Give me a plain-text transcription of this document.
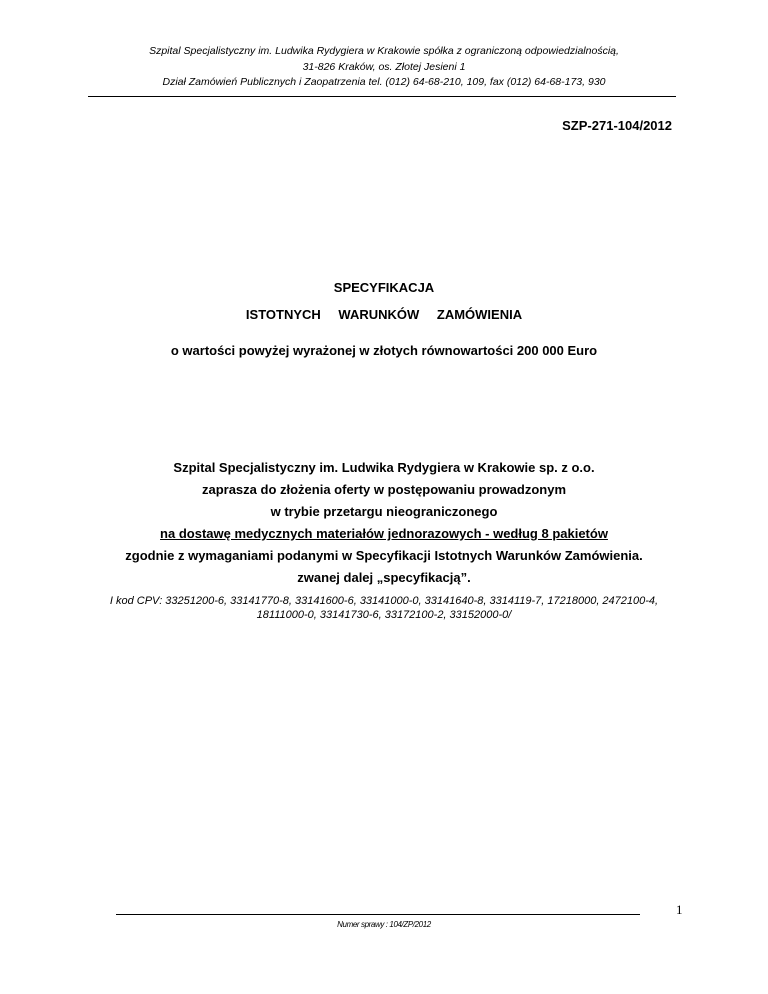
Szpital Specjalistyczny im. Ludwika Rydygiera w Krakowie spółka z ograniczoną odpowiedzialnością,
31-826 Kraków, os. Złotej Jesieni 1
Dział Zamówień Publicznych i Zaopatrzenia tel. (012) 64-68-210, 109, fax (012) 64-68-173, 930
SZP-271-104/2012
SPECYFIKACJA
ISTOTNYCH WARUNKÓW ZAMÓWIENIA
o wartości powyżej wyrażonej w złotych równowartości 200 000 Euro
Szpital Specjalistyczny im. Ludwika Rydygiera w Krakowie sp. z o.o.
zaprasza do złożenia oferty w postępowaniu prowadzonym
w trybie przetargu nieograniczonego
na dostawę medycznych materiałów jednorazowych - według 8 pakietów
zgodnie z wymaganiami podanymi w Specyfikacji Istotnych Warunków Zamówienia.
zwanej dalej „specyfikacją”.
I kod CPV: 33251200-6, 33141770-8, 33141600-6, 33141000-0, 33141640-8, 3314119-7, 17218000, 2472100-4,
18111000-0, 33141730-6, 33172100-2, 33152000-0/
Numer sprawy : 104/ZP/2012
1
